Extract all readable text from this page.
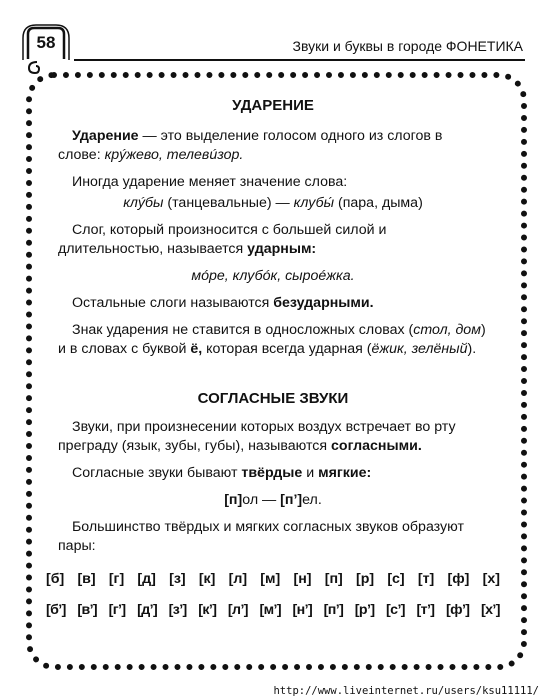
58	Звуки и буквы в городе ФОНЕТИКА
УДАРЕНИЕ

Ударение — это выделение голосом одного из слогов в слове: крýжево, телевúзор.

Иногда ударение меняет значение слова:

клýбы (танцевальные) — клубы́ (пара, дыма)

Слог, который произносится с большей силой и длительностью, называется ударным:

мóре, клубóк, сыроéжка.

Остальные слоги называются безударными.

Знак ударения не ставится в односложных словах (стол, дом) и в словах с буквой ё, которая всегда ударная (ёжик, зелёный).

СОГЛАСНЫЕ ЗВУКИ

Звуки, при произнесении которых воздух встречает во рту преграду (язык, зубы, губы), называются согласными.

Согласные звуки бывают твёрдые и мягкие:

[п]ол — [п’]ел.

Большинство твёрдых и мягких согласных звуков образуют пары:

[б] [в] [г] [д] [з] [к] [л] [м] [н] [п] [р] [с] [т] [ф] [х]
[б’] [в’] [г’] [д’] [з’] [к’] [л’] [м’] [н’] [п’] [р’] [с’] [т’] [ф’] [х’]
http://www.liveinternet.ru/users/ksu11111/
